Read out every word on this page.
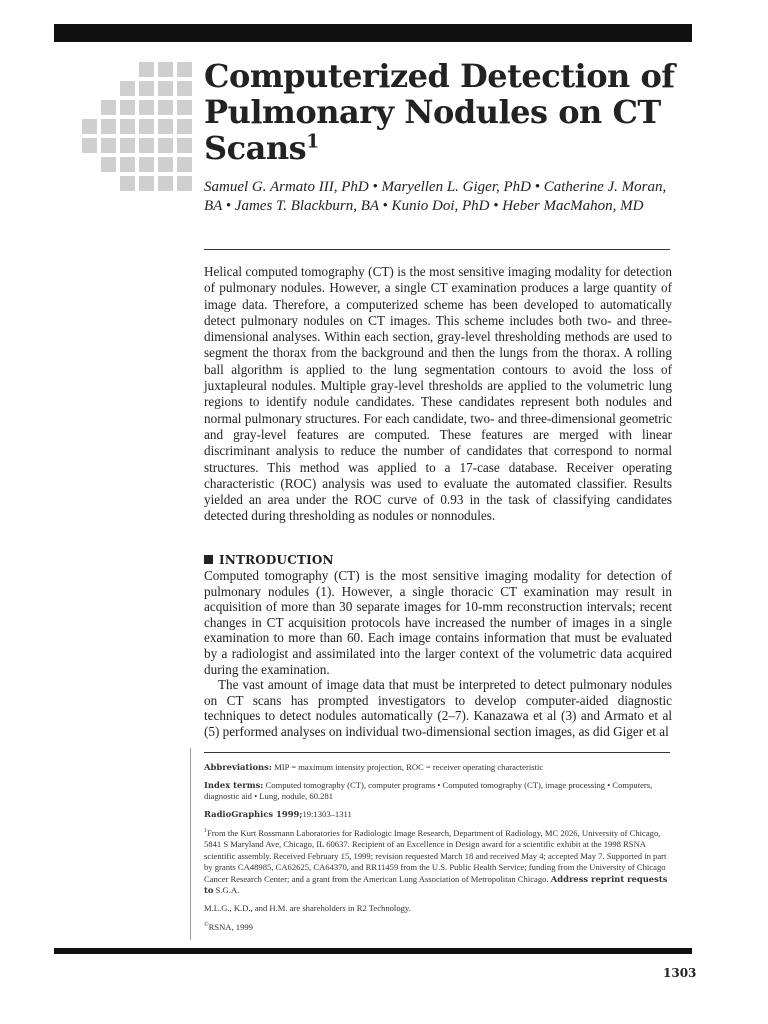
Computerized Detection of Pulmonary Nodules on CT Scans$^1$
Samuel G. Armato III, PhD • Maryellen L. Giger, PhD • Catherine J. Moran, BA • James T. Blackburn, BA • Kunio Doi, PhD • Heber MacMahon, MD

Helical computed tomography (CT) is the most sensitive imaging modality for detection of pulmonary nodules. However, a single CT examination produces a large quantity of image data. Therefore, a computerized scheme has been developed to automatically detect pulmonary nodules on CT images. This scheme includes both two- and three-dimensional analyses. Within each section, gray-level thresholding methods are used to segment the thorax from the background and then the lungs from the thorax. A rolling ball algorithm is applied to the lung segmentation contours to avoid the loss of juxtapleural nodules. Multiple gray-level thresholds are applied to the volumetric lung regions to identify nodule candidates. These candidates represent both nodules and normal pulmonary structures. For each candidate, two- and three-dimensional geometric and gray-level features are computed. These features are merged with linear discriminant analysis to reduce the number of candidates that correspond to normal structures. This method was applied to a 17-case database. Receiver operating characteristic (ROC) analysis was used to evaluate the automated classifier. Results yielded an area under the ROC curve of 0.93 in the task of classifying candidates detected during thresholding as nodules or nonnodules.

INTRODUCTION

Computed tomography (CT) is the most sensitive imaging modality for detection of pulmonary nodules (1). However, a single thoracic CT examination may result in acquisition of more than 30 separate images for 10-mm reconstruction intervals; recent changes in CT acquisition protocols have increased the number of images in a single examination to more than 60. Each image contains information that must be evaluated by a radiologist and assimilated into the larger context of the volumetric data acquired during the examination.

The vast amount of image data that must be interpreted to detect pulmonary nodules on CT scans has prompted investigators to develop computer-aided diagnostic techniques to detect nodules automatically (2–7). Kanazawa et al (3) and Armato et al (5) performed analyses on individual two-dimensional section images, as did Giger et al

Abbreviations: MIP = maximum intensity projection, ROC = receiver operating characteristic

Index terms: Computed tomography (CT), computer programs • Computed tomography (CT), image processing • Computers, diagnostic aid • Lung, nodule, 60.281

RadioGraphics 1999;19:1303–1311

$^1$From the Kurt Rossmann Laboratories for Radiologic Image Research, Department of Radiology, MC 2026, University of Chicago, 5841 S Maryland Ave, Chicago, IL 60637. Recipient of an Excellence in Design award for a scientific exhibit at the 1998 RSNA scientific assembly. Received February 15, 1999; revision requested March 18 and received May 4; accepted May 7. Supported in part by grants CA48985, CA62625, CA64370, and RR11459 from the U.S. Public Health Service; funding from the University of Chicago Cancer Research Center; and a grant from the American Lung Association of Metropolitan Chicago. Address reprint requests to S.G.A.

M.L.G., K.D., and H.M. are shareholders in R2 Technology.

©RSNA, 1999

1303
